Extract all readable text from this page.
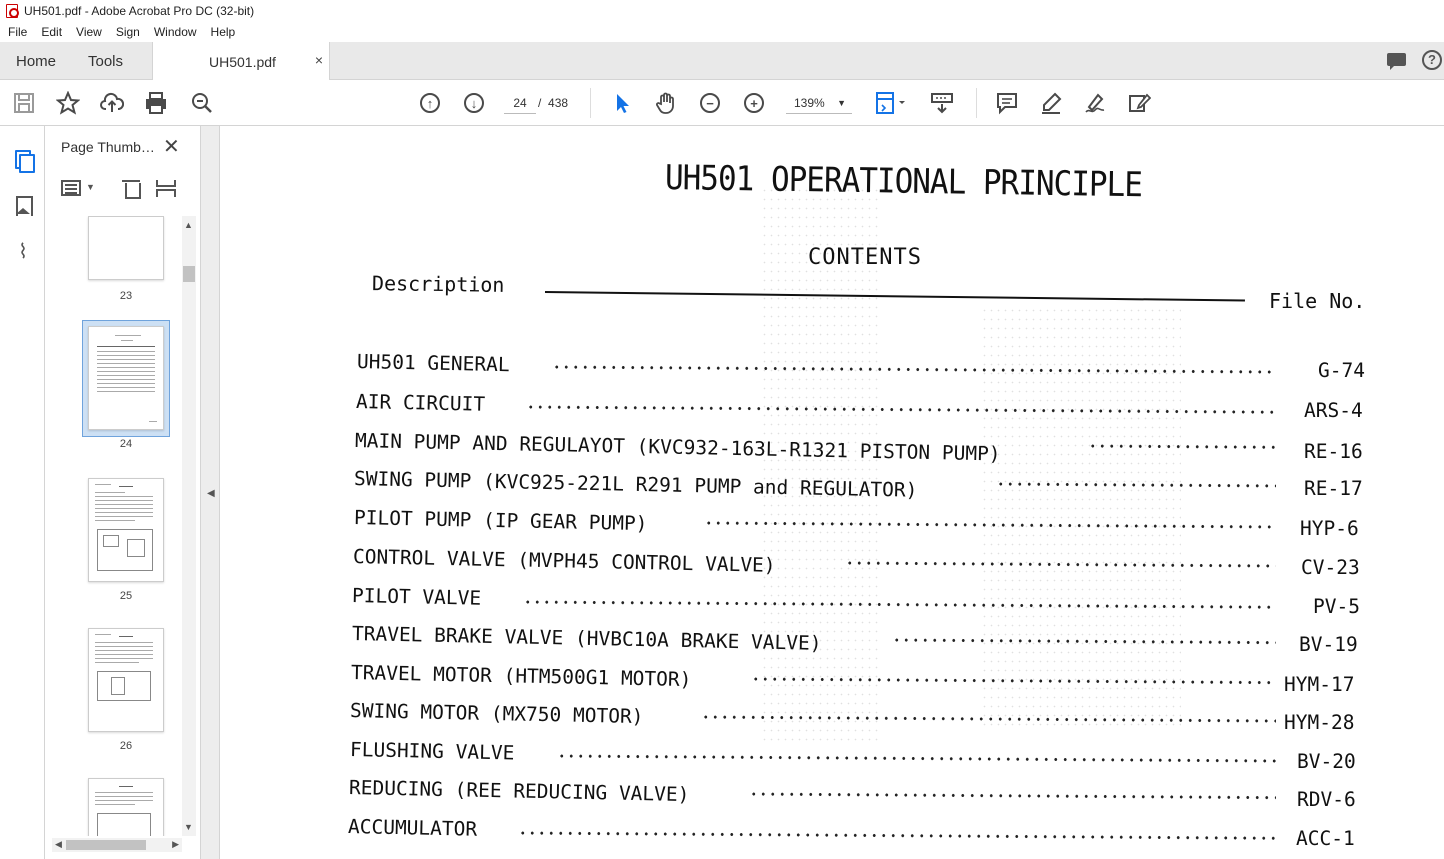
UH501.pdf - Adobe Acrobat Pro DC (32-bit)
File	Edit	View	Sign	Window	Help
Home Tools	UH501.pdf	×	?
↑	↓	24 / 438	−	+	139% ▼
⌇
Page Thumb… ✕
▼
23
24
25
26
▲
▼
◀	▶
◀
UH501 OPERATIONAL PRINCIPLE
CONTENTS
Description
File No.
UH501 GENERAL	G-74
AIR CIRCUIT	ARS-4
MAIN PUMP AND REGULAYOT (KVC932-163L-R1321 PISTON PUMP)	RE-16
SWING PUMP (KVC925-221L R291 PUMP and REGULATOR)	RE-17
PILOT PUMP (IP GEAR PUMP)	HYP-6
CONTROL VALVE (MVPH45 CONTROL VALVE)	CV-23
PILOT VALVE	PV-5
TRAVEL BRAKE VALVE (HVBC10A BRAKE VALVE)	BV-19
TRAVEL MOTOR (HTM500G1 MOTOR)	HYM-17
SWING MOTOR (MX750 MOTOR)	HYM-28
FLUSHING VALVE	BV-20
REDUCING (REE REDUCING VALVE)	RDV-6
ACCUMULATOR	ACC-1
